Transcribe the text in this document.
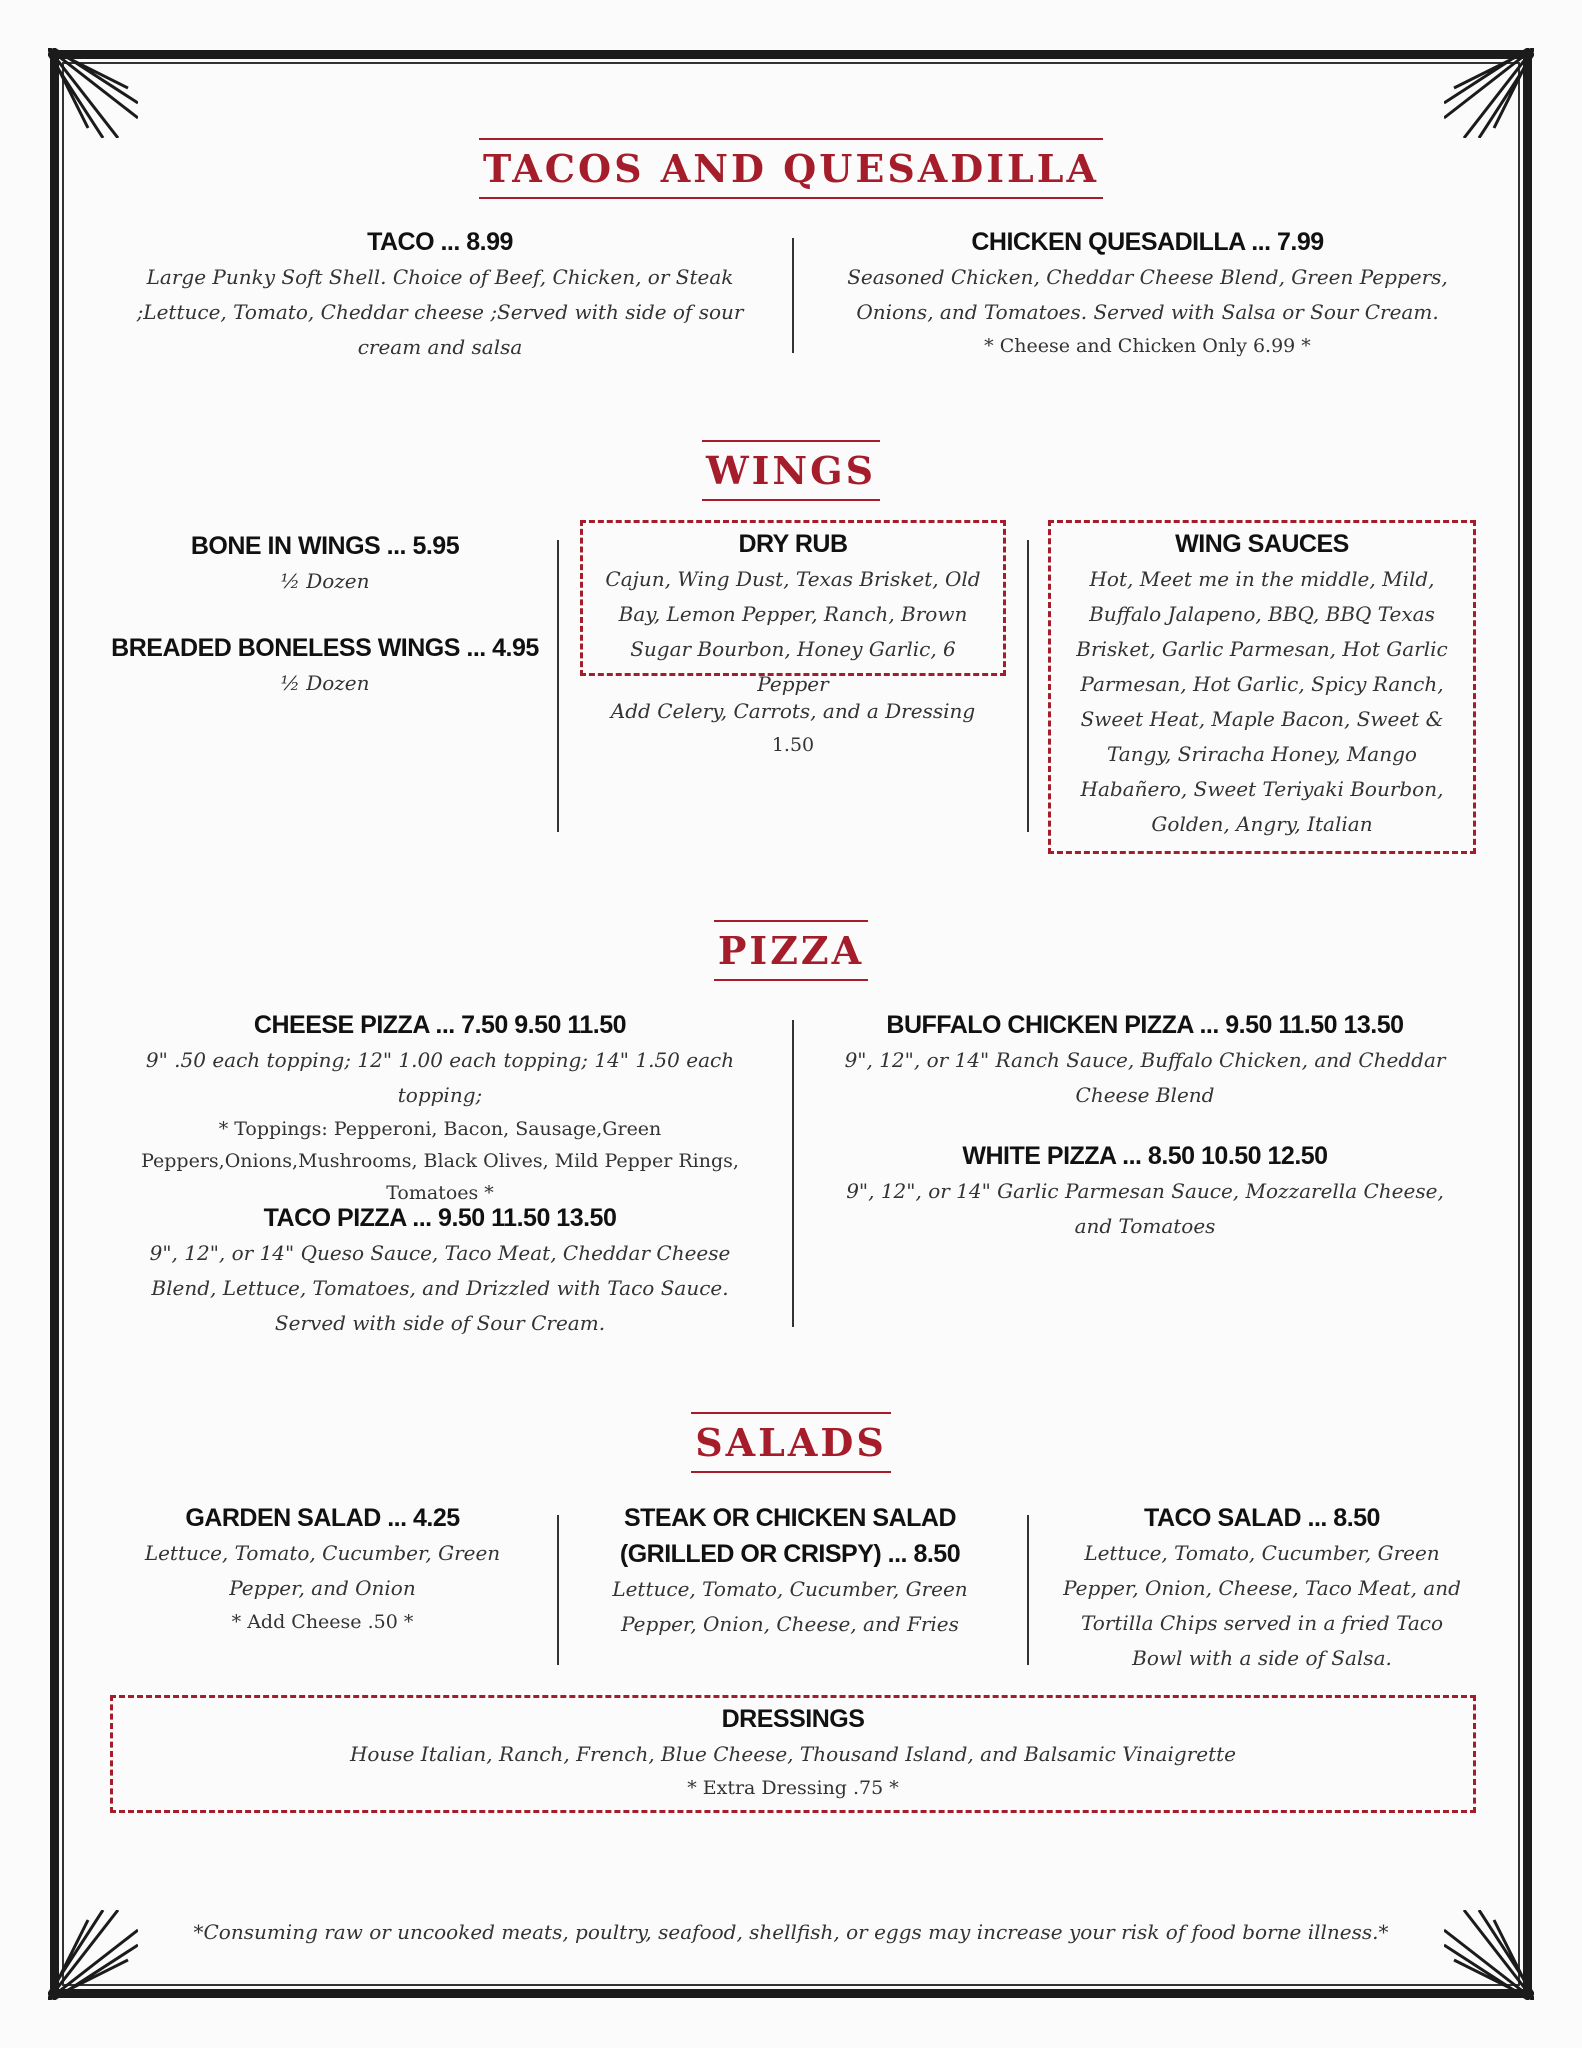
TACOS AND QUESADILLA
TACO ... 8.99
Large Punky Soft Shell. Choice of Beef, Chicken, or Steak ;Lettuce, Tomato, Cheddar cheese ;Served with side of sour cream and salsa
CHICKEN QUESADILLA ... 7.99
Seasoned Chicken, Cheddar Cheese Blend, Green Peppers, Onions, and Tomatoes. Served with Salsa or Sour Cream.
* Cheese and Chicken Only 6.99 *
WINGS
BONE IN WINGS ... 5.95
½ Dozen
BREADED BONELESS WINGS ... 4.95
½ Dozen
DRY RUB
Cajun, Wing Dust, Texas Brisket, Old Bay, Lemon Pepper, Ranch, Brown Sugar Bourbon, Honey Garlic, 6 Pepper
Add Celery, Carrots, and a Dressing
1.50
WING SAUCES
Hot, Meet me in the middle, Mild, Buffalo Jalapeno, BBQ, BBQ Texas Brisket, Garlic Parmesan, Hot Garlic Parmesan, Hot Garlic, Spicy Ranch, Sweet Heat, Maple Bacon, Sweet & Tangy, Sriracha Honey, Mango Habañero, Sweet Teriyaki Bourbon, Golden, Angry, Italian
PIZZA
CHEESE PIZZA ... 7.50 9.50 11.50
9" .50 each topping; 12" 1.00 each topping; 14" 1.50 each topping;
* Toppings: Pepperoni, Bacon, Sausage,Green Peppers,Onions,Mushrooms, Black Olives, Mild Pepper Rings, Tomatoes *
TACO PIZZA ... 9.50 11.50 13.50
9", 12", or 14" Queso Sauce, Taco Meat, Cheddar Cheese Blend, Lettuce, Tomatoes, and Drizzled with Taco Sauce. Served with side of Sour Cream.
BUFFALO CHICKEN PIZZA ... 9.50 11.50 13.50
9", 12", or 14" Ranch Sauce, Buffalo Chicken, and Cheddar Cheese Blend
WHITE PIZZA ... 8.50 10.50 12.50
9", 12", or 14" Garlic Parmesan Sauce, Mozzarella Cheese, and Tomatoes
SALADS
GARDEN SALAD ... 4.25
Lettuce, Tomato, Cucumber, Green Pepper, and Onion
* Add Cheese .50 *
STEAK OR CHICKEN SALAD (GRILLED OR CRISPY) ... 8.50
Lettuce, Tomato, Cucumber, Green Pepper, Onion, Cheese, and Fries
TACO SALAD ... 8.50
Lettuce, Tomato, Cucumber, Green Pepper, Onion, Cheese, Taco Meat, and Tortilla Chips served in a fried Taco Bowl with a side of Salsa.
DRESSINGS
House Italian, Ranch, French, Blue Cheese, Thousand Island, and Balsamic Vinaigrette
* Extra Dressing .75 *
*Consuming raw or uncooked meats, poultry, seafood, shellfish, or eggs may increase your risk of food borne illness.*
